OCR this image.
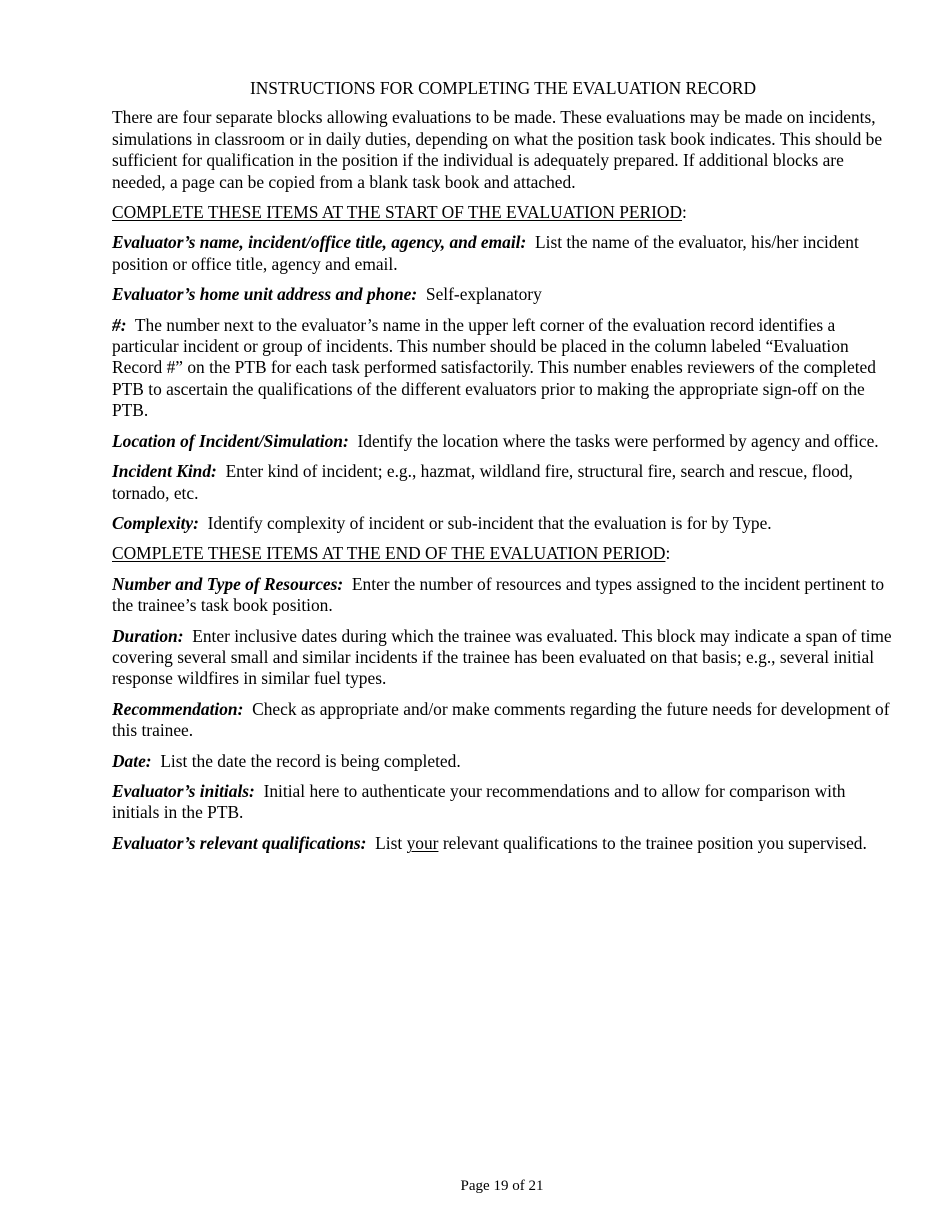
INSTRUCTIONS FOR COMPLETING THE EVALUATION RECORD

There are four separate blocks allowing evaluations to be made. These evaluations may be made on incidents, simulations in classroom or in daily duties, depending on what the position task book indicates. This should be sufficient for qualification in the position if the individual is adequately prepared. If additional blocks are needed, a page can be copied from a blank task book and attached.

COMPLETE THESE ITEMS AT THE START OF THE EVALUATION PERIOD:

Evaluator’s name, incident/office title, agency, and email: List the name of the evaluator, his/her incident position or office title, agency and email.

Evaluator’s home unit address and phone: Self-explanatory

#: The number next to the evaluator’s name in the upper left corner of the evaluation record identifies a particular incident or group of incidents. This number should be placed in the column labeled “Evaluation Record #” on the PTB for each task performed satisfactorily. This number enables reviewers of the completed PTB to ascertain the qualifications of the different evaluators prior to making the appropriate sign-off on the PTB.

Location of Incident/Simulation: Identify the location where the tasks were performed by agency and office.

Incident Kind: Enter kind of incident; e.g., hazmat, wildland fire, structural fire, search and rescue, flood, tornado, etc.

Complexity: Identify complexity of incident or sub-incident that the evaluation is for by Type.

COMPLETE THESE ITEMS AT THE END OF THE EVALUATION PERIOD:

Number and Type of Resources: Enter the number of resources and types assigned to the incident pertinent to the trainee’s task book position.

Duration: Enter inclusive dates during which the trainee was evaluated. This block may indicate a span of time covering several small and similar incidents if the trainee has been evaluated on that basis; e.g., several initial response wildfires in similar fuel types.

Recommendation: Check as appropriate and/or make comments regarding the future needs for development of this trainee.

Date: List the date the record is being completed.

Evaluator’s initials: Initial here to authenticate your recommendations and to allow for comparison with initials in the PTB.

Evaluator’s relevant qualifications: List your relevant qualifications to the trainee position you supervised.

Page 19 of 21
